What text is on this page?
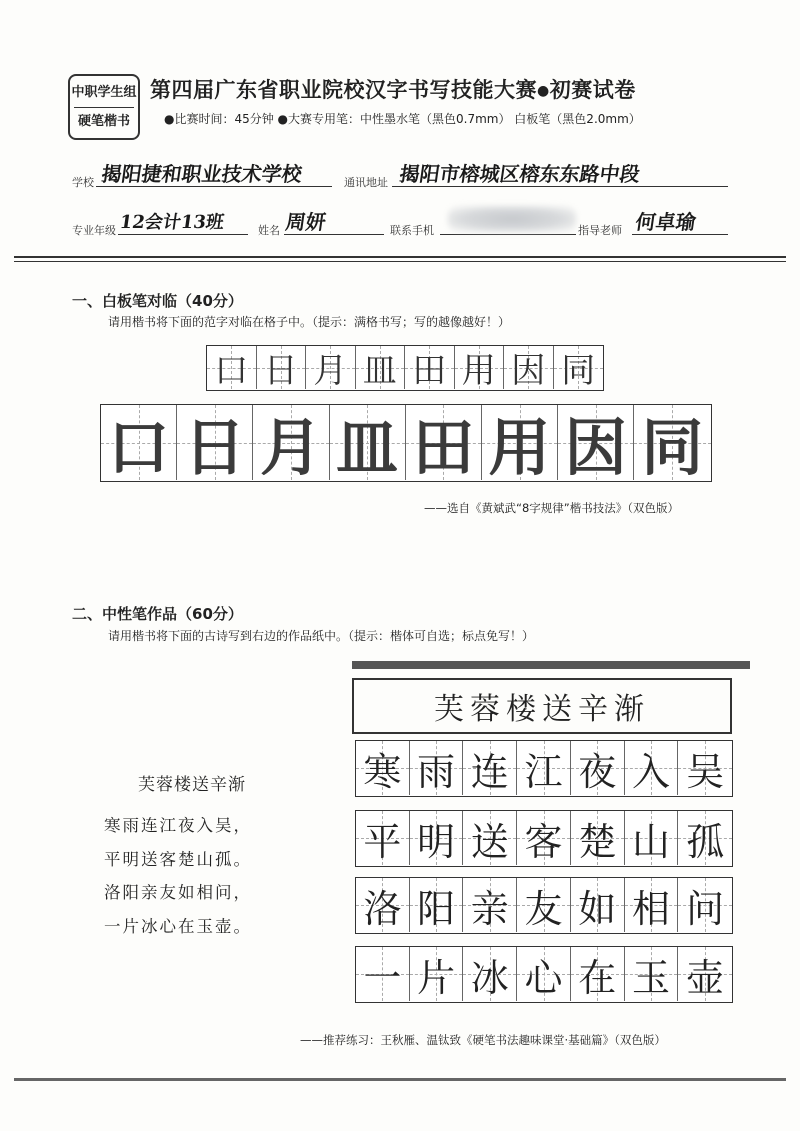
中职学生组
硬笔楷书
第四届广东省职业院校汉字书写技能大赛●初赛试卷
●比赛时间：45分钟 ●大赛专用笔：中性墨水笔（黑色0.7mm） 白板笔（黑色2.0mm）
学校 揭阳捷和职业技术学校	通讯地址 揭阳市榕城区榕东东路中段
专业年级 12会计13班	姓名 周妍	联系手机	指导老师 何卓瑜
一、白板笔对临（40分）
请用楷书将下面的范字对临在格子中。（提示：满格书写；写的越像越好！）
口 日 月 皿 田 用 因 同
口 日 月 皿 田 用 因 同
——选自《黄斌武“8字规律”楷书技法》（双色版）
二、中性笔作品（60分）
请用楷书将下面的古诗写到右边的作品纸中。（提示：楷体可自选；标点免写！）
芙蓉楼送辛渐
寒雨连江夜入吴，
平明送客楚山孤。
洛阳亲友如相问，
一片冰心在玉壶。
芙蓉楼送辛渐
寒 雨 连 江 夜 入 吴
平 明 送 客 楚 山 孤
洛 阳 亲 友 如 相 问
一 片 冰 心 在 玉 壶
——推荐练习：王秋雁、温钛致《硬笔书法趣味课堂·基础篇》（双色版）
